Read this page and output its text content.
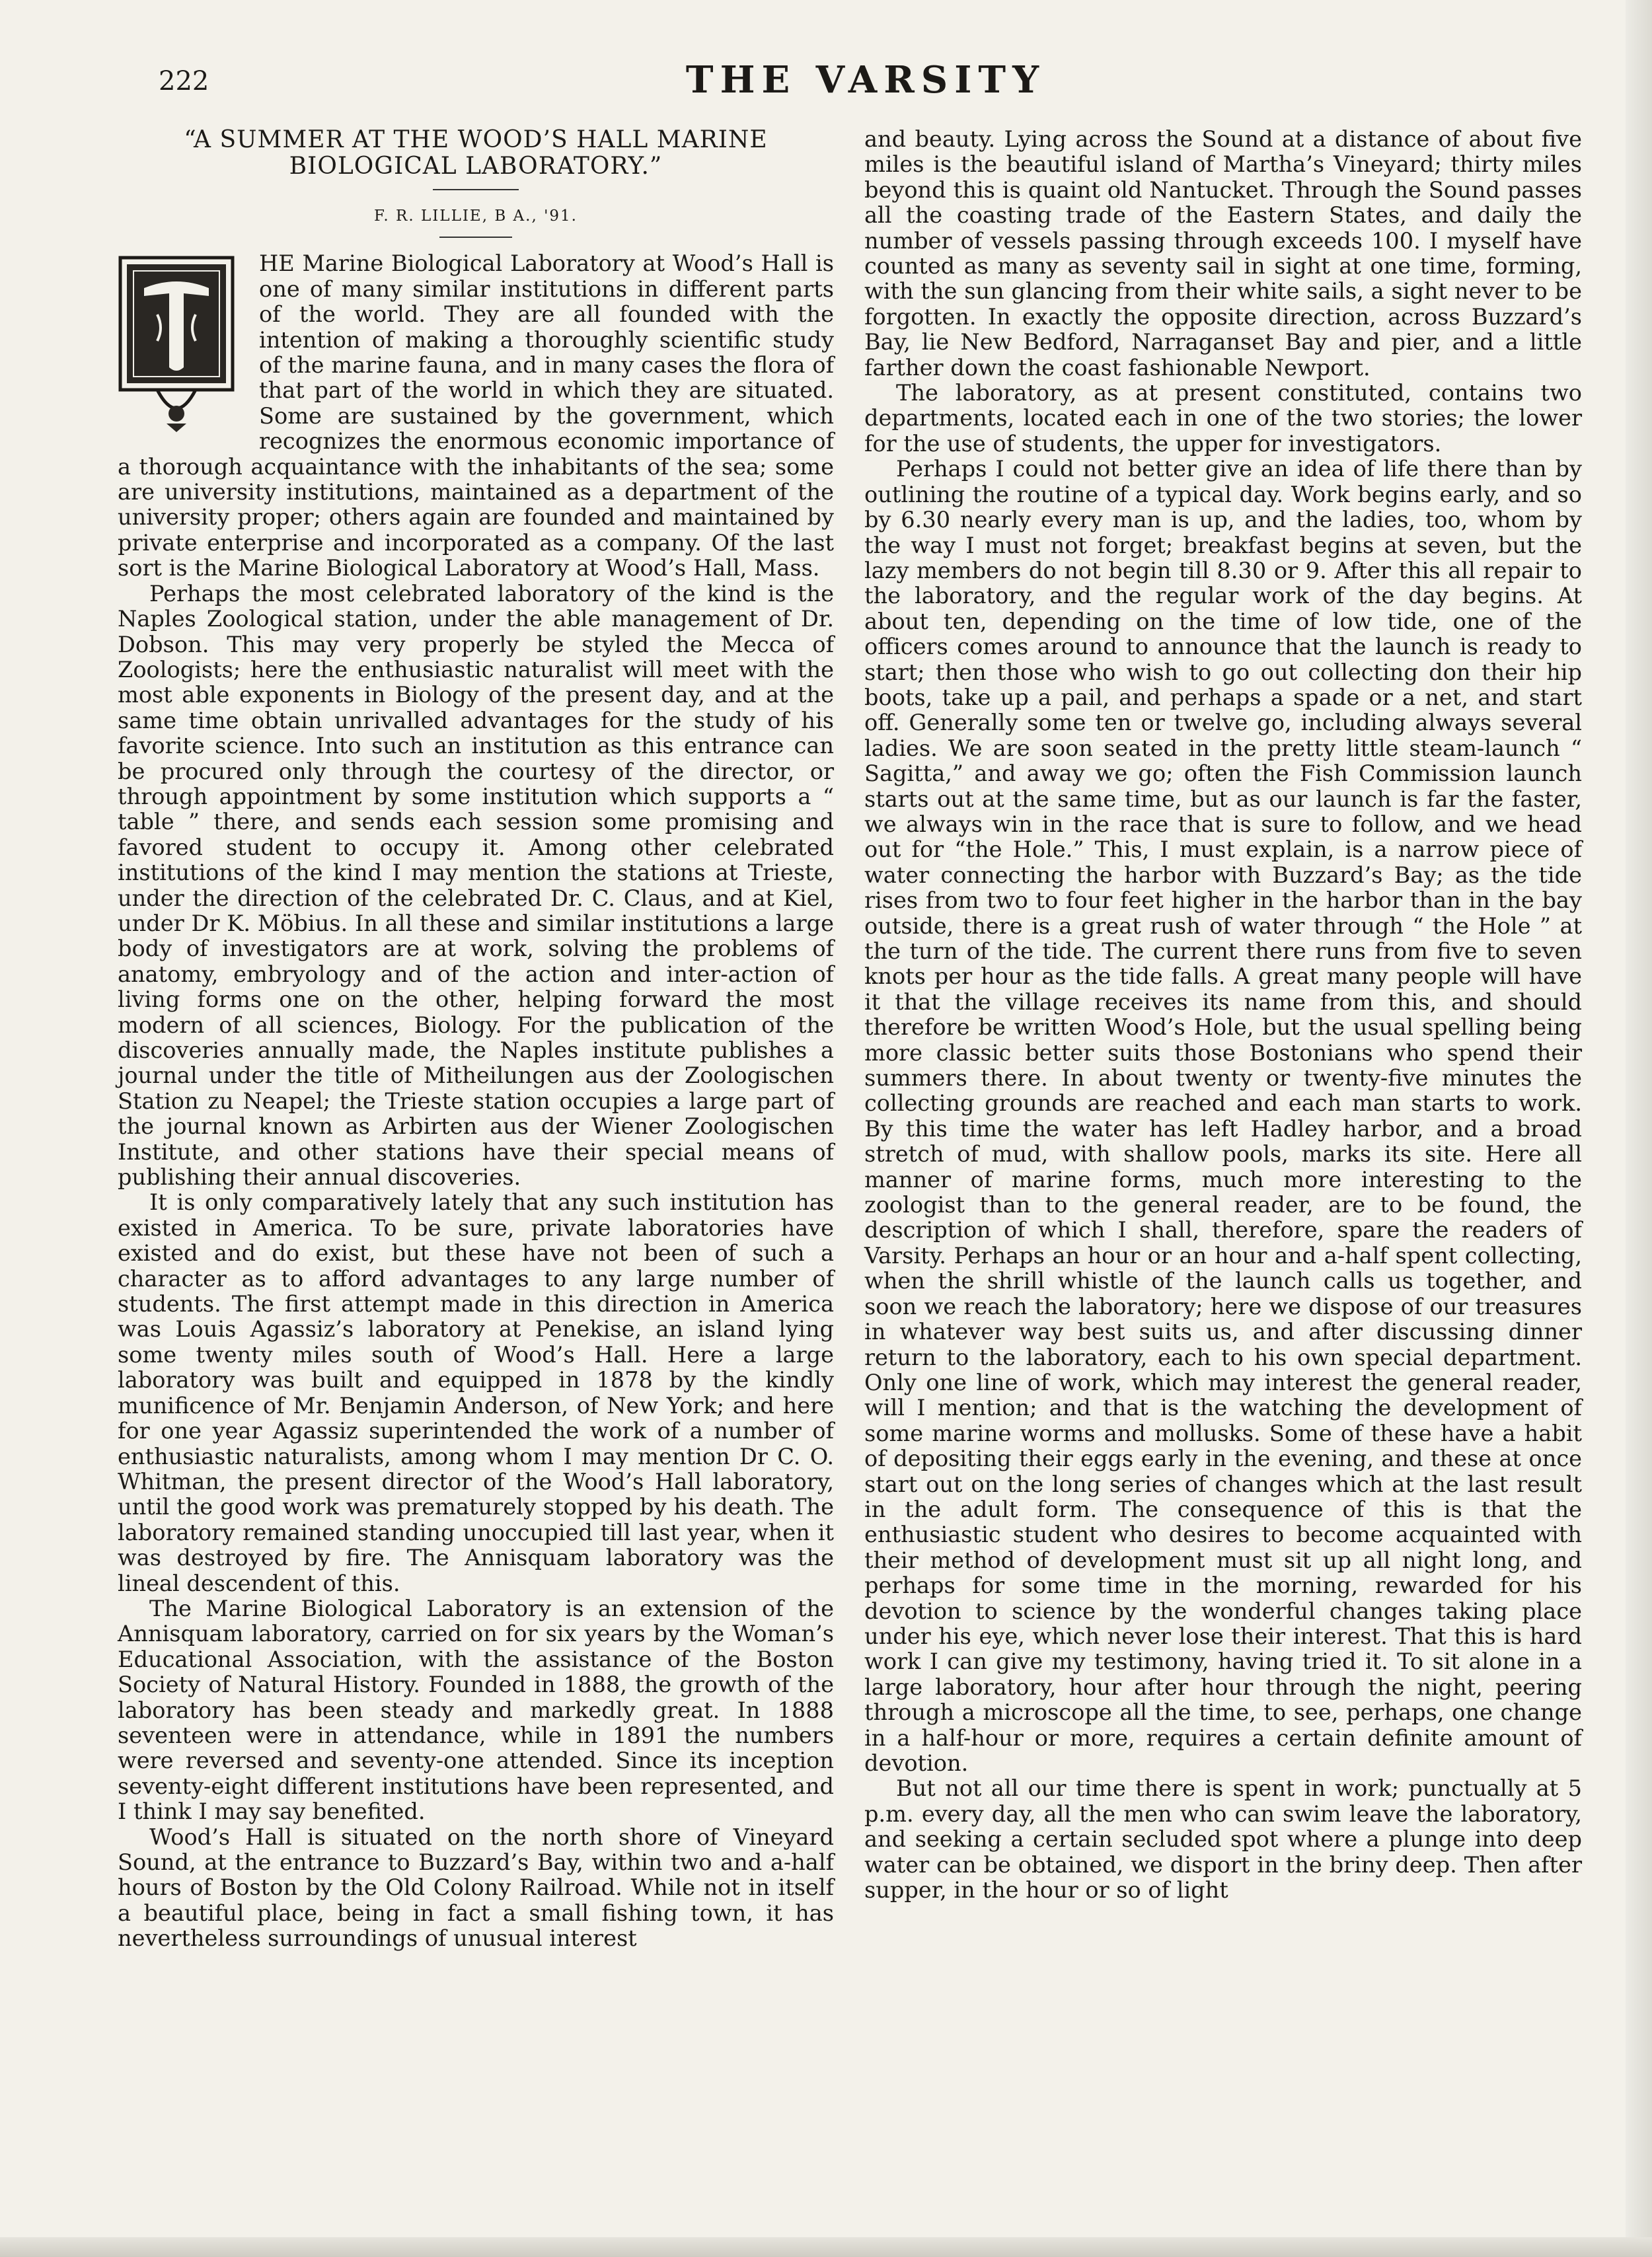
222	THE VARSITY
“A SUMMER AT THE WOOD’S HALL MARINE BIOLOGICAL LABORATORY.”
F. R. LILLIE, B A., '91.

HE Marine Biological Laboratory at Wood’s Hall is one of many similar institutions in different parts of the world. They are all founded with the intention of making a thoroughly scientific study of the marine fauna, and in many cases the flora of that part of the world in which they are situated. Some are sustained by the government, which recognizes the enormous economic importance of a thorough acquaintance with the inhabitants of the sea; some are university institutions, maintained as a department of the university proper; others again are founded and maintained by private enterprise and incorporated as a company. Of the last sort is the Marine Biological Laboratory at Wood’s Hall, Mass.

Perhaps the most celebrated laboratory of the kind is the Naples Zoological station, under the able management of Dr. Dobson. This may very properly be styled the Mecca of Zoologists; here the enthusiastic naturalist will meet with the most able exponents in Biology of the present day, and at the same time obtain unrivalled advantages for the study of his favorite science. Into such an institution as this entrance can be procured only through the courtesy of the director, or through appointment by some institution which supports a “ table ” there, and sends each session some promising and favored student to occupy it. Among other celebrated institutions of the kind I may mention the stations at Trieste, under the direction of the celebrated Dr. C. Claus, and at Kiel, under Dr K. Möbius. In all these and similar institutions a large body of investigators are at work, solving the problems of anatomy, embryology and of the action and inter-action of living forms one on the other, helping forward the most modern of all sciences, Biology. For the publication of the discoveries annually made, the Naples institute publishes a journal under the title of Mitheilungen aus der Zoologischen Station zu Neapel; the Trieste station occupies a large part of the journal known as Arbirten aus der Wiener Zoologischen Institute, and other stations have their special means of publishing their annual discoveries.

It is only comparatively lately that any such institution has existed in America. To be sure, private laboratories have existed and do exist, but these have not been of such a character as to afford advantages to any large number of students. The first attempt made in this direction in America was Louis Agassiz’s laboratory at Penekise, an island lying some twenty miles south of Wood’s Hall. Here a large laboratory was built and equipped in 1878 by the kindly munificence of Mr. Benjamin Anderson, of New York; and here for one year Agassiz superintended the work of a number of enthusiastic naturalists, among whom I may mention Dr C. O. Whitman, the present director of the Wood’s Hall laboratory, until the good work was prematurely stopped by his death. The laboratory remained standing unoccupied till last year, when it was destroyed by fire. The Annisquam laboratory was the lineal descendent of this.

The Marine Biological Laboratory is an extension of the Annisquam laboratory, carried on for six years by the Woman’s Educational Association, with the assistance of the Boston Society of Natural History. Founded in 1888, the growth of the laboratory has been steady and markedly great. In 1888 seventeen were in attendance, while in 1891 the numbers were reversed and seventy-one attended. Since its inception seventy-eight different institutions have been represented, and I think I may say benefited.

Wood’s Hall is situated on the north shore of Vineyard Sound, at the entrance to Buzzard’s Bay, within two and a-half hours of Boston by the Old Colony Railroad. While not in itself a beautiful place, being in fact a small fishing town, it has nevertheless surroundings of unusual interest

and beauty. Lying across the Sound at a distance of about five miles is the beautiful island of Martha’s Vineyard; thirty miles beyond this is quaint old Nantucket. Through the Sound passes all the coasting trade of the Eastern States, and daily the number of vessels passing through exceeds 100. I myself have counted as many as seventy sail in sight at one time, forming, with the sun glancing from their white sails, a sight never to be forgotten. In exactly the opposite direction, across Buzzard’s Bay, lie New Bedford, Narraganset Bay and pier, and a little farther down the coast fashionable Newport.

The laboratory, as at present constituted, contains two departments, located each in one of the two stories; the lower for the use of students, the upper for investigators.

Perhaps I could not better give an idea of life there than by outlining the routine of a typical day. Work begins early, and so by 6.30 nearly every man is up, and the ladies, too, whom by the way I must not forget; breakfast begins at seven, but the lazy members do not begin till 8.30 or 9. After this all repair to the laboratory, and the regular work of the day begins. At about ten, depending on the time of low tide, one of the officers comes around to announce that the launch is ready to start; then those who wish to go out collecting don their hip boots, take up a pail, and perhaps a spade or a net, and start off. Generally some ten or twelve go, including always several ladies. We are soon seated in the pretty little steam-launch “ Sagitta,” and away we go; often the Fish Commission launch starts out at the same time, but as our launch is far the faster, we always win in the race that is sure to follow, and we head out for “the Hole.” This, I must explain, is a narrow piece of water connecting the harbor with Buzzard’s Bay; as the tide rises from two to four feet higher in the harbor than in the bay outside, there is a great rush of water through “ the Hole ” at the turn of the tide. The current there runs from five to seven knots per hour as the tide falls. A great many people will have it that the village receives its name from this, and should therefore be written Wood’s Hole, but the usual spelling being more classic better suits those Bostonians who spend their summers there. In about twenty or twenty-five minutes the collecting grounds are reached and each man starts to work. By this time the water has left Hadley harbor, and a broad stretch of mud, with shallow pools, marks its site. Here all manner of marine forms, much more interesting to the zoologist than to the general reader, are to be found, the description of which I shall, therefore, spare the readers of Varsity. Perhaps an hour or an hour and a-half spent collecting, when the shrill whistle of the launch calls us together, and soon we reach the laboratory; here we dispose of our treasures in whatever way best suits us, and after discussing dinner return to the laboratory, each to his own special department. Only one line of work, which may interest the general reader, will I mention; and that is the watching the development of some marine worms and mollusks. Some of these have a habit of depositing their eggs early in the evening, and these at once start out on the long series of changes which at the last result in the adult form. The consequence of this is that the enthusiastic student who desires to become acquainted with their method of development must sit up all night long, and perhaps for some time in the morning, rewarded for his devotion to science by the wonderful changes taking place under his eye, which never lose their interest. That this is hard work I can give my testimony, having tried it. To sit alone in a large laboratory, hour after hour through the night, peering through a microscope all the time, to see, perhaps, one change in a half-hour or more, requires a certain definite amount of devotion.

But not all our time there is spent in work; punctually at 5 p.m. every day, all the men who can swim leave the laboratory, and seeking a certain secluded spot where a plunge into deep water can be obtained, we disport in the briny deep. Then after supper, in the hour or so of light
